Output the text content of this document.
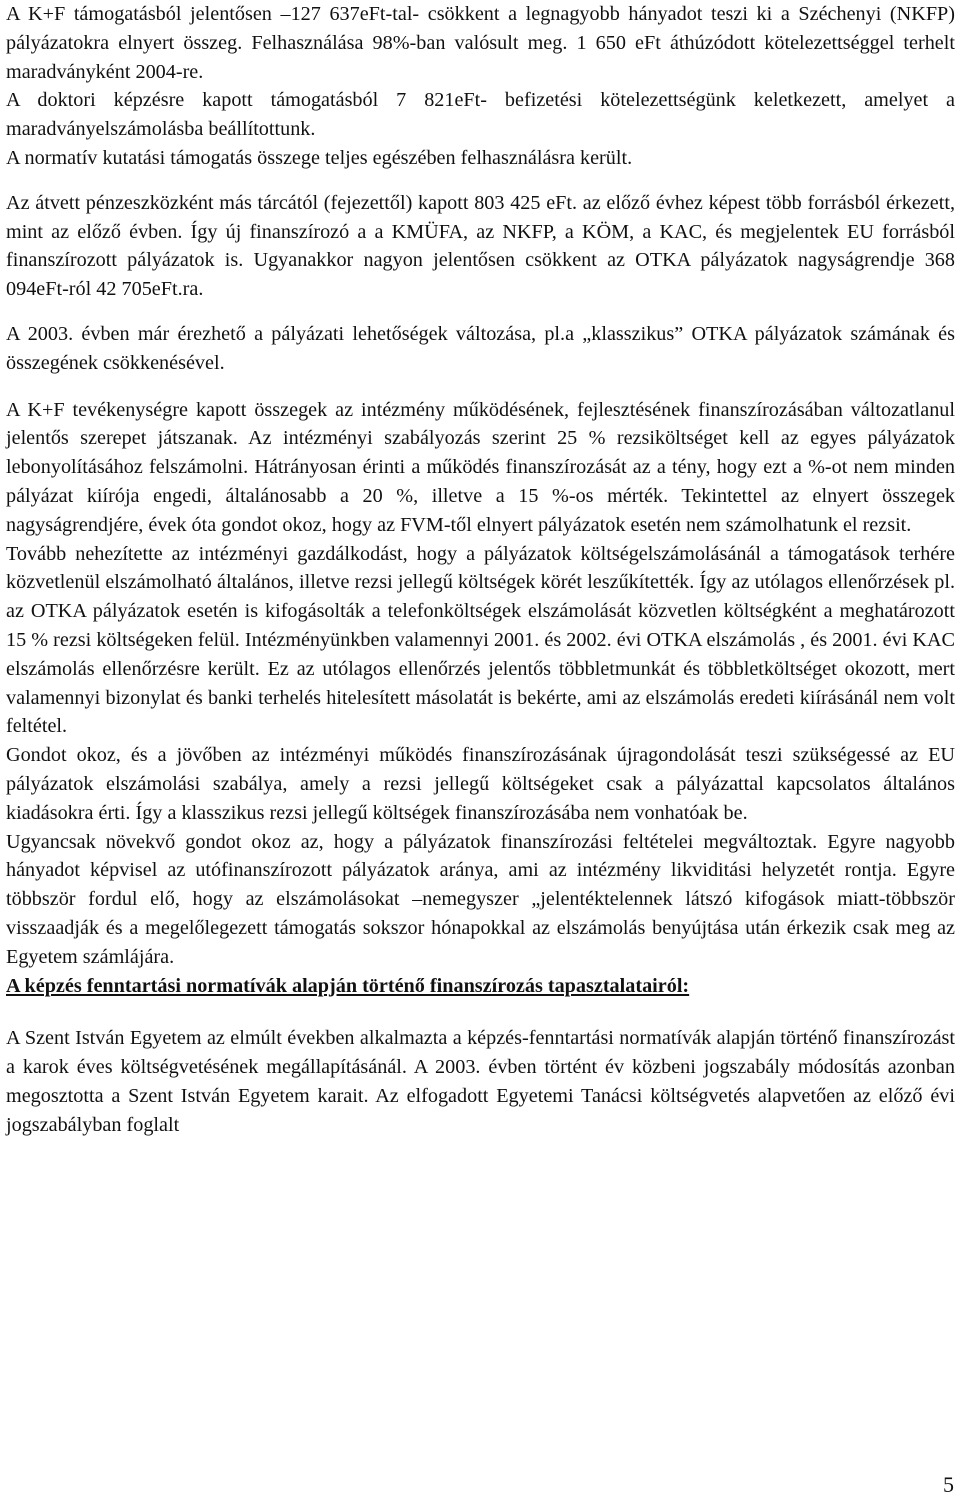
A K+F támogatásból jelentősen –127 637eFt-tal- csökkent a legnagyobb hányadot teszi ki a Széchenyi (NKFP) pályázatokra elnyert összeg. Felhasználása 98%-ban valósult meg. 1 650 eFt áthúzódott kötelezettséggel terhelt maradványként 2004-re.

A doktori képzésre kapott támogatásból 7 821eFt- befizetési kötelezettségünk keletkezett, amelyet a maradványelszámolásba beállítottunk.

A normatív kutatási támogatás összege teljes egészében felhasználásra került.

Az átvett pénzeszközként más tárcától (fejezettől) kapott 803 425 eFt. az előző évhez képest több forrásból érkezett, mint az előző évben. Így új finanszírozó a a KMÜFA, az NKFP, a KÖM, a KAC, és megjelentek EU forrásból finanszírozott pályázatok is. Ugyanakkor nagyon jelentősen csökkent az OTKA pályázatok nagyságrendje 368 094eFt-ról 42 705eFt.ra.

A 2003. évben már érezhető a pályázati lehetőségek változása, pl.a „klasszikus” OTKA pályázatok számának és összegének csökkenésével.

A K+F tevékenységre kapott összegek az intézmény működésének, fejlesztésének finanszírozásában változatlanul jelentős szerepet játszanak. Az intézményi szabályozás szerint 25 % rezsiköltséget kell az egyes pályázatok lebonyolításához felszámolni. Hátrányosan érinti a működés finanszírozását az a tény, hogy ezt a %-ot nem minden pályázat kiírója engedi, általánosabb a 20 %, illetve a 15 %-os mérték. Tekintettel az elnyert összegek nagyságrendjére, évek óta gondot okoz, hogy az FVM-től elnyert pályázatok esetén nem számolhatunk el rezsit.

Tovább nehezítette az intézményi gazdálkodást, hogy a pályázatok költségelszámolásánál a támogatások terhére közvetlenül elszámolható általános, illetve rezsi jellegű költségek körét leszűkítették. Így az utólagos ellenőrzések pl. az OTKA pályázatok esetén is kifogásolták a telefonköltségek elszámolását közvetlen költségként a meghatározott 15 % rezsi költségeken felül. Intézményünkben valamennyi 2001. és 2002. évi OTKA elszámolás , és 2001. évi KAC elszámolás ellenőrzésre került. Ez az utólagos ellenőrzés jelentős többletmunkát és többletköltséget okozott, mert valamennyi bizonylat és banki terhelés hitelesített másolatát is bekérte, ami az elszámolás eredeti kiírásánál nem volt feltétel.

Gondot okoz, és a jövőben az intézményi működés finanszírozásának újragondolását teszi szükségessé az EU pályázatok elszámolási szabálya, amely a rezsi jellegű költségeket csak a pályázattal kapcsolatos általános kiadásokra érti. Így a klasszikus rezsi jellegű költségek finanszírozásába nem vonhatóak be.

Ugyancsak növekvő gondot okoz az, hogy a pályázatok finanszírozási feltételei megváltoztak. Egyre nagyobb hányadot képvisel az utófinanszírozott pályázatok aránya, ami az intézmény likviditási helyzetét rontja. Egyre többször fordul elő, hogy az elszámolásokat –nemegyszer „jelentéktelennek látszó kifogások miatt-többször visszaadják és a megelőlegezett támogatás sokszor hónapokkal az elszámolás benyújtása után érkezik csak meg az Egyetem számlájára.

A képzés fenntartási normatívák alapján történő finanszírozás tapasztalatairól:

A Szent István Egyetem az elmúlt években alkalmazta a képzés-fenntartási normatívák alapján történő finanszírozást a karok éves költségvetésének megállapításánál. A 2003. évben történt év közbeni jogszabály módosítás azonban megosztotta a Szent István Egyetem karait. Az elfogadott Egyetemi Tanácsi költségvetés alapvetően az előző évi jogszabályban foglalt

5
